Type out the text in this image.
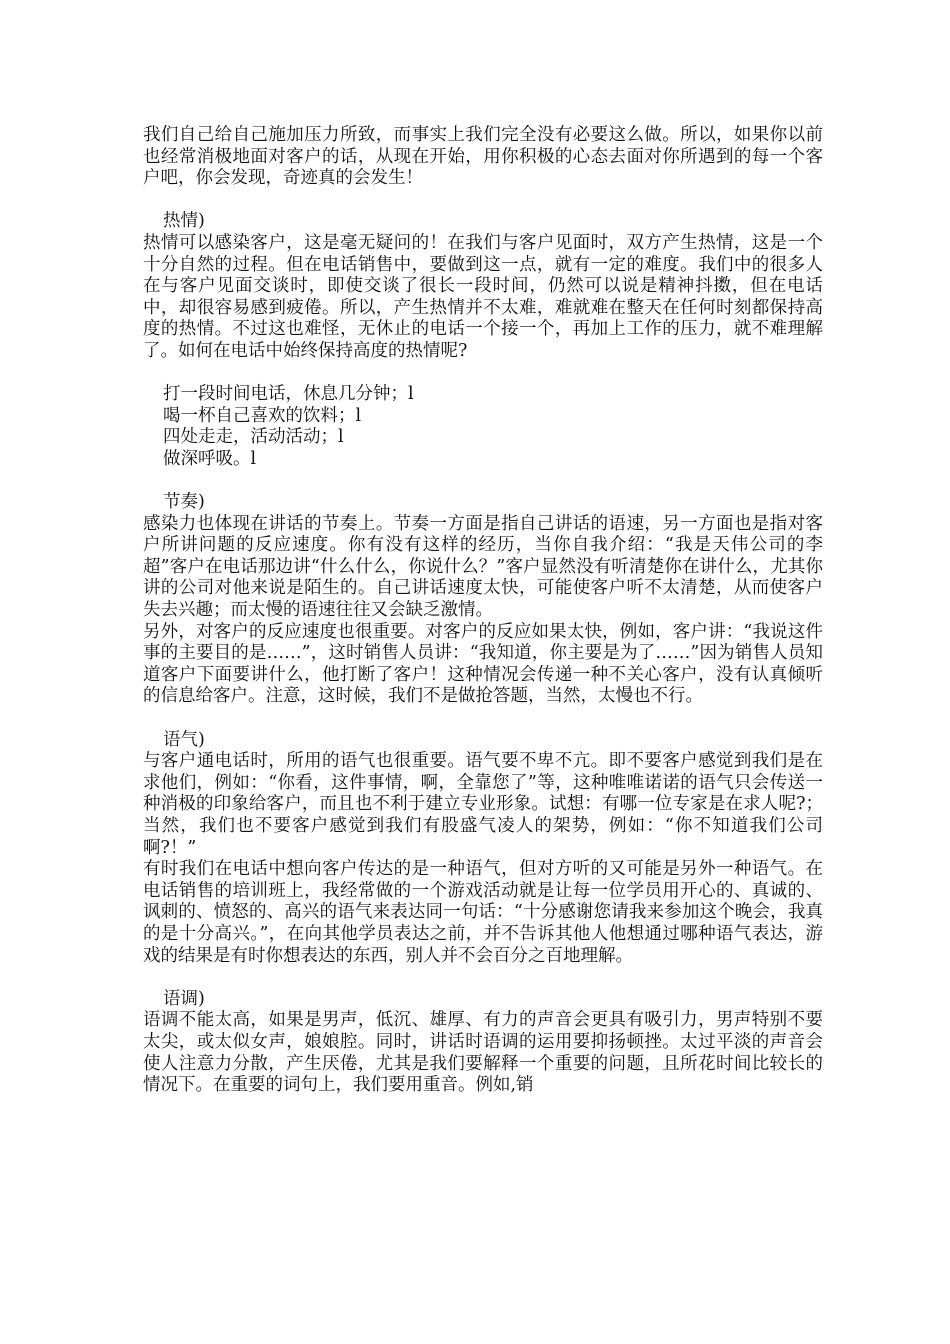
我们自己给自己施加压力所致，而事实上我们完全没有必要这么做。所以，如果你以前也经常消极地面对客户的话，从现在开始，用你积极的心态去面对你所遇到的每一个客户吧，你会发现，奇迹真的会发生！

热情)

热情可以感染客户，这是毫无疑问的！在我们与客户见面时，双方产生热情，这是一个十分自然的过程。但在电话销售中，要做到这一点，就有一定的难度。我们中的很多人在与客户见面交谈时，即使交谈了很长一段时间，仍然可以说是精神抖擞，但在电话中，却很容易感到疲倦。所以，产生热情并不太难，难就难在整天在任何时刻都保持高度的热情。不过这也难怪，无休止的电话一个接一个，再加上工作的压力，就不难理解了。如何在电话中始终保持高度的热情呢?

打一段时间电话，休息几分钟；l
喝一杯自己喜欢的饮料；l
四处走走，活动活动；l
做深呼吸。l

节奏)

感染力也体现在讲话的节奏上。节奏一方面是指自己讲话的语速，另一方面也是指对客户所讲问题的反应速度。你有没有这样的经历，当你自我介绍：“我是天伟公司的李超”客户在电话那边讲“什么什么，你说什么？”客户显然没有听清楚你在讲什么，尤其你讲的公司对他来说是陌生的。自己讲话速度太快，可能使客户听不太清楚，从而使客户失去兴趣；而太慢的语速往往又会缺乏激情。

另外，对客户的反应速度也很重要。对客户的反应如果太快，例如，客户讲：“我说这件事的主要目的是……”，这时销售人员讲：“我知道，你主要是为了……”因为销售人员知道客户下面要讲什么，他打断了客户！这种情况会传递一种不关心客户，没有认真倾听的信息给客户。注意，这时候，我们不是做抢答题，当然，太慢也不行。

语气)

与客户通电话时，所用的语气也很重要。语气要不卑不亢。即不要客户感觉到我们是在求他们，例如：“你看，这件事情，啊，全靠您了”等，这种唯唯诺诺的语气只会传送一种消极的印象给客户，而且也不利于建立专业形象。试想：有哪一位专家是在求人呢?；当然，我们也不要客户感觉到我们有股盛气凌人的架势，例如：“你不知道我们公司啊?！”

有时我们在电话中想向客户传达的是一种语气，但对方听的又可能是另外一种语气。在电话销售的培训班上，我经常做的一个游戏活动就是让每一位学员用开心的、真诚的、讽刺的、愤怒的、高兴的语气来表达同一句话：“十分感谢您请我来参加这个晚会，我真的是十分高兴。”，在向其他学员表达之前，并不告诉其他人他想通过哪种语气表达，游戏的结果是有时你想表达的东西，别人并不会百分之百地理解。

语调)

语调不能太高，如果是男声，低沉、雄厚、有力的声音会更具有吸引力，男声特别不要太尖，或太似女声，娘娘腔。同时，讲话时语调的运用要抑扬顿挫。太过平淡的声音会使人注意力分散，产生厌倦，尤其是我们要解释一个重要的问题，且所花时间比较长的情况下。在重要的词句上，我们要用重音。例如,销
